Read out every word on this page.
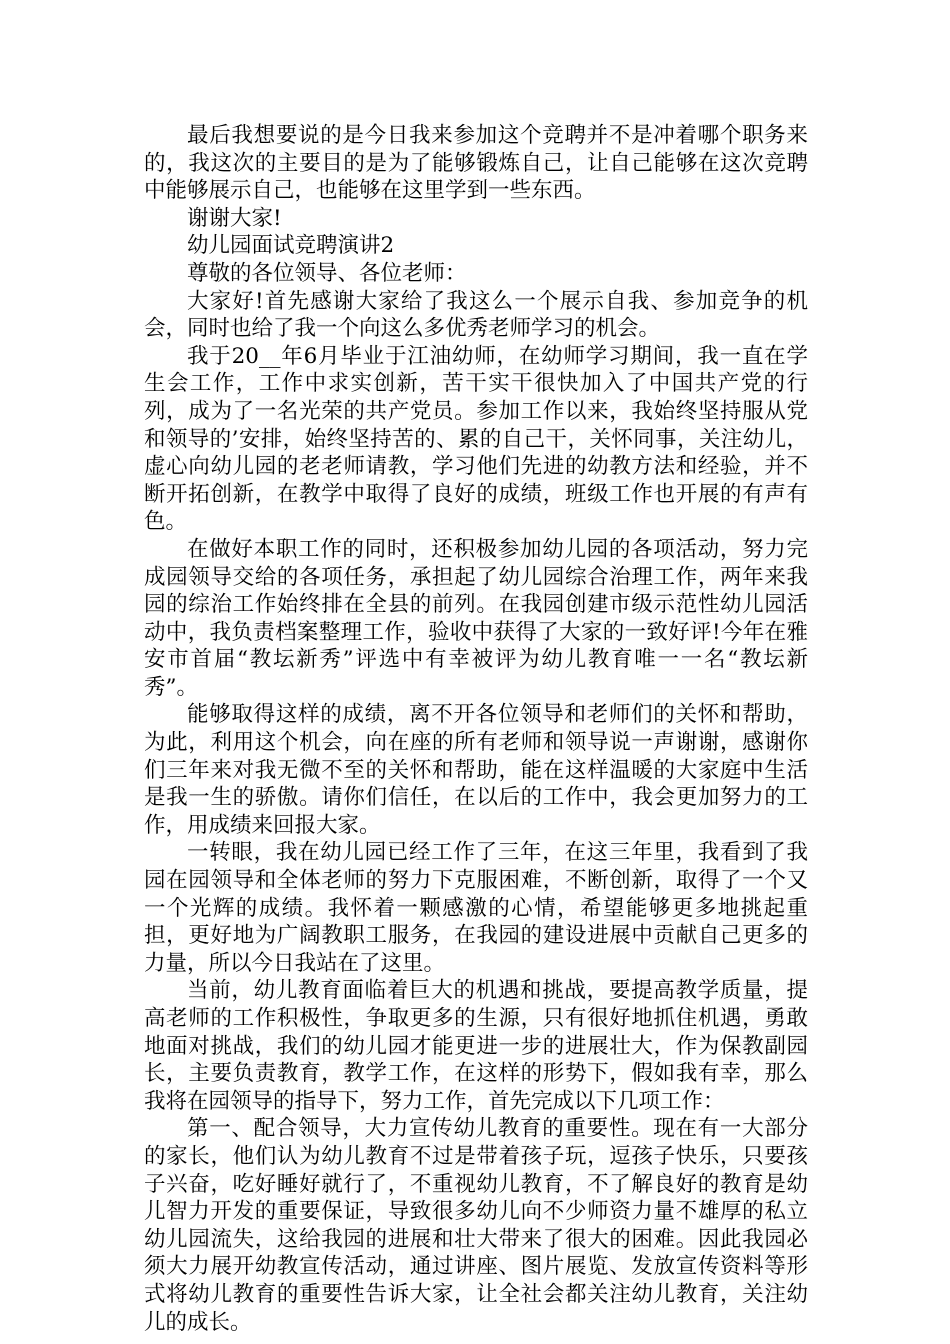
最后我想要说的是今日我来参加这个竞聘并不是冲着哪个职务来的，我这次的主要目的是为了能够锻炼自己，让自己能够在这次竞聘中能够展示自己，也能够在这里学到一些东西。

谢谢大家!

幼儿园面试竞聘演讲2

尊敬的各位领导、各位老师：

大家好!首先感谢大家给了我这么一个展示自我、参加竞争的机会，同时也给了我一个向这么多优秀老师学习的机会。

我于20__年6月毕业于江油幼师，在幼师学习期间，我一直在学生会工作，工作中求实创新，苦干实干很快加入了中国共产党的行列，成为了一名光荣的共产党员。参加工作以来，我始终坚持服从党和领导的’安排，始终坚持苦的、累的自己干，关怀同事，关注幼儿，虚心向幼儿园的老老师请教，学习他们先进的幼教方法和经验，并不断开拓创新，在教学中取得了良好的成绩，班级工作也开展的有声有色。

在做好本职工作的同时，还积极参加幼儿园的各项活动，努力完成园领导交给的各项任务，承担起了幼儿园综合治理工作，两年来我园的综治工作始终排在全县的前列。在我园创建市级示范性幼儿园活动中，我负责档案整理工作，验收中获得了大家的一致好评!今年在雅安市首届“教坛新秀”评选中有幸被评为幼儿教育唯一一名“教坛新秀”。

能够取得这样的成绩，离不开各位领导和老师们的关怀和帮助，为此，利用这个机会，向在座的所有老师和领导说一声谢谢，感谢你们三年来对我无微不至的关怀和帮助，能在这样温暖的大家庭中生活是我一生的骄傲。请你们信任，在以后的工作中，我会更加努力的工作，用成绩来回报大家。

一转眼，我在幼儿园已经工作了三年，在这三年里，我看到了我园在园领导和全体老师的努力下克服困难，不断创新，取得了一个又一个光辉的成绩。我怀着一颗感激的心情，希望能够更多地挑起重担，更好地为广阔教职工服务，在我园的建设进展中贡献自己更多的力量，所以今日我站在了这里。

当前，幼儿教育面临着巨大的机遇和挑战，要提高教学质量，提高老师的工作积极性，争取更多的生源，只有很好地抓住机遇，勇敢地面对挑战，我们的幼儿园才能更进一步的进展壮大，作为保教副园长，主要负责教育，教学工作，在这样的形势下，假如我有幸，那么我将在园领导的指导下，努力工作，首先完成以下几项工作：

第一、配合领导，大力宣传幼儿教育的重要性。现在有一大部分的家长，他们认为幼儿教育不过是带着孩子玩，逗孩子快乐，只要孩子兴奋，吃好睡好就行了，不重视幼儿教育，不了解良好的教育是幼儿智力开发的重要保证，导致很多幼儿向不少师资力量不雄厚的私立幼儿园流失，这给我园的进展和壮大带来了很大的困难。因此我园必须大力展开幼教宣传活动，通过讲座、图片展览、发放宣传资料等形式将幼儿教育的重要性告诉大家，让全社会都关注幼儿教育，关注幼儿的成长。
